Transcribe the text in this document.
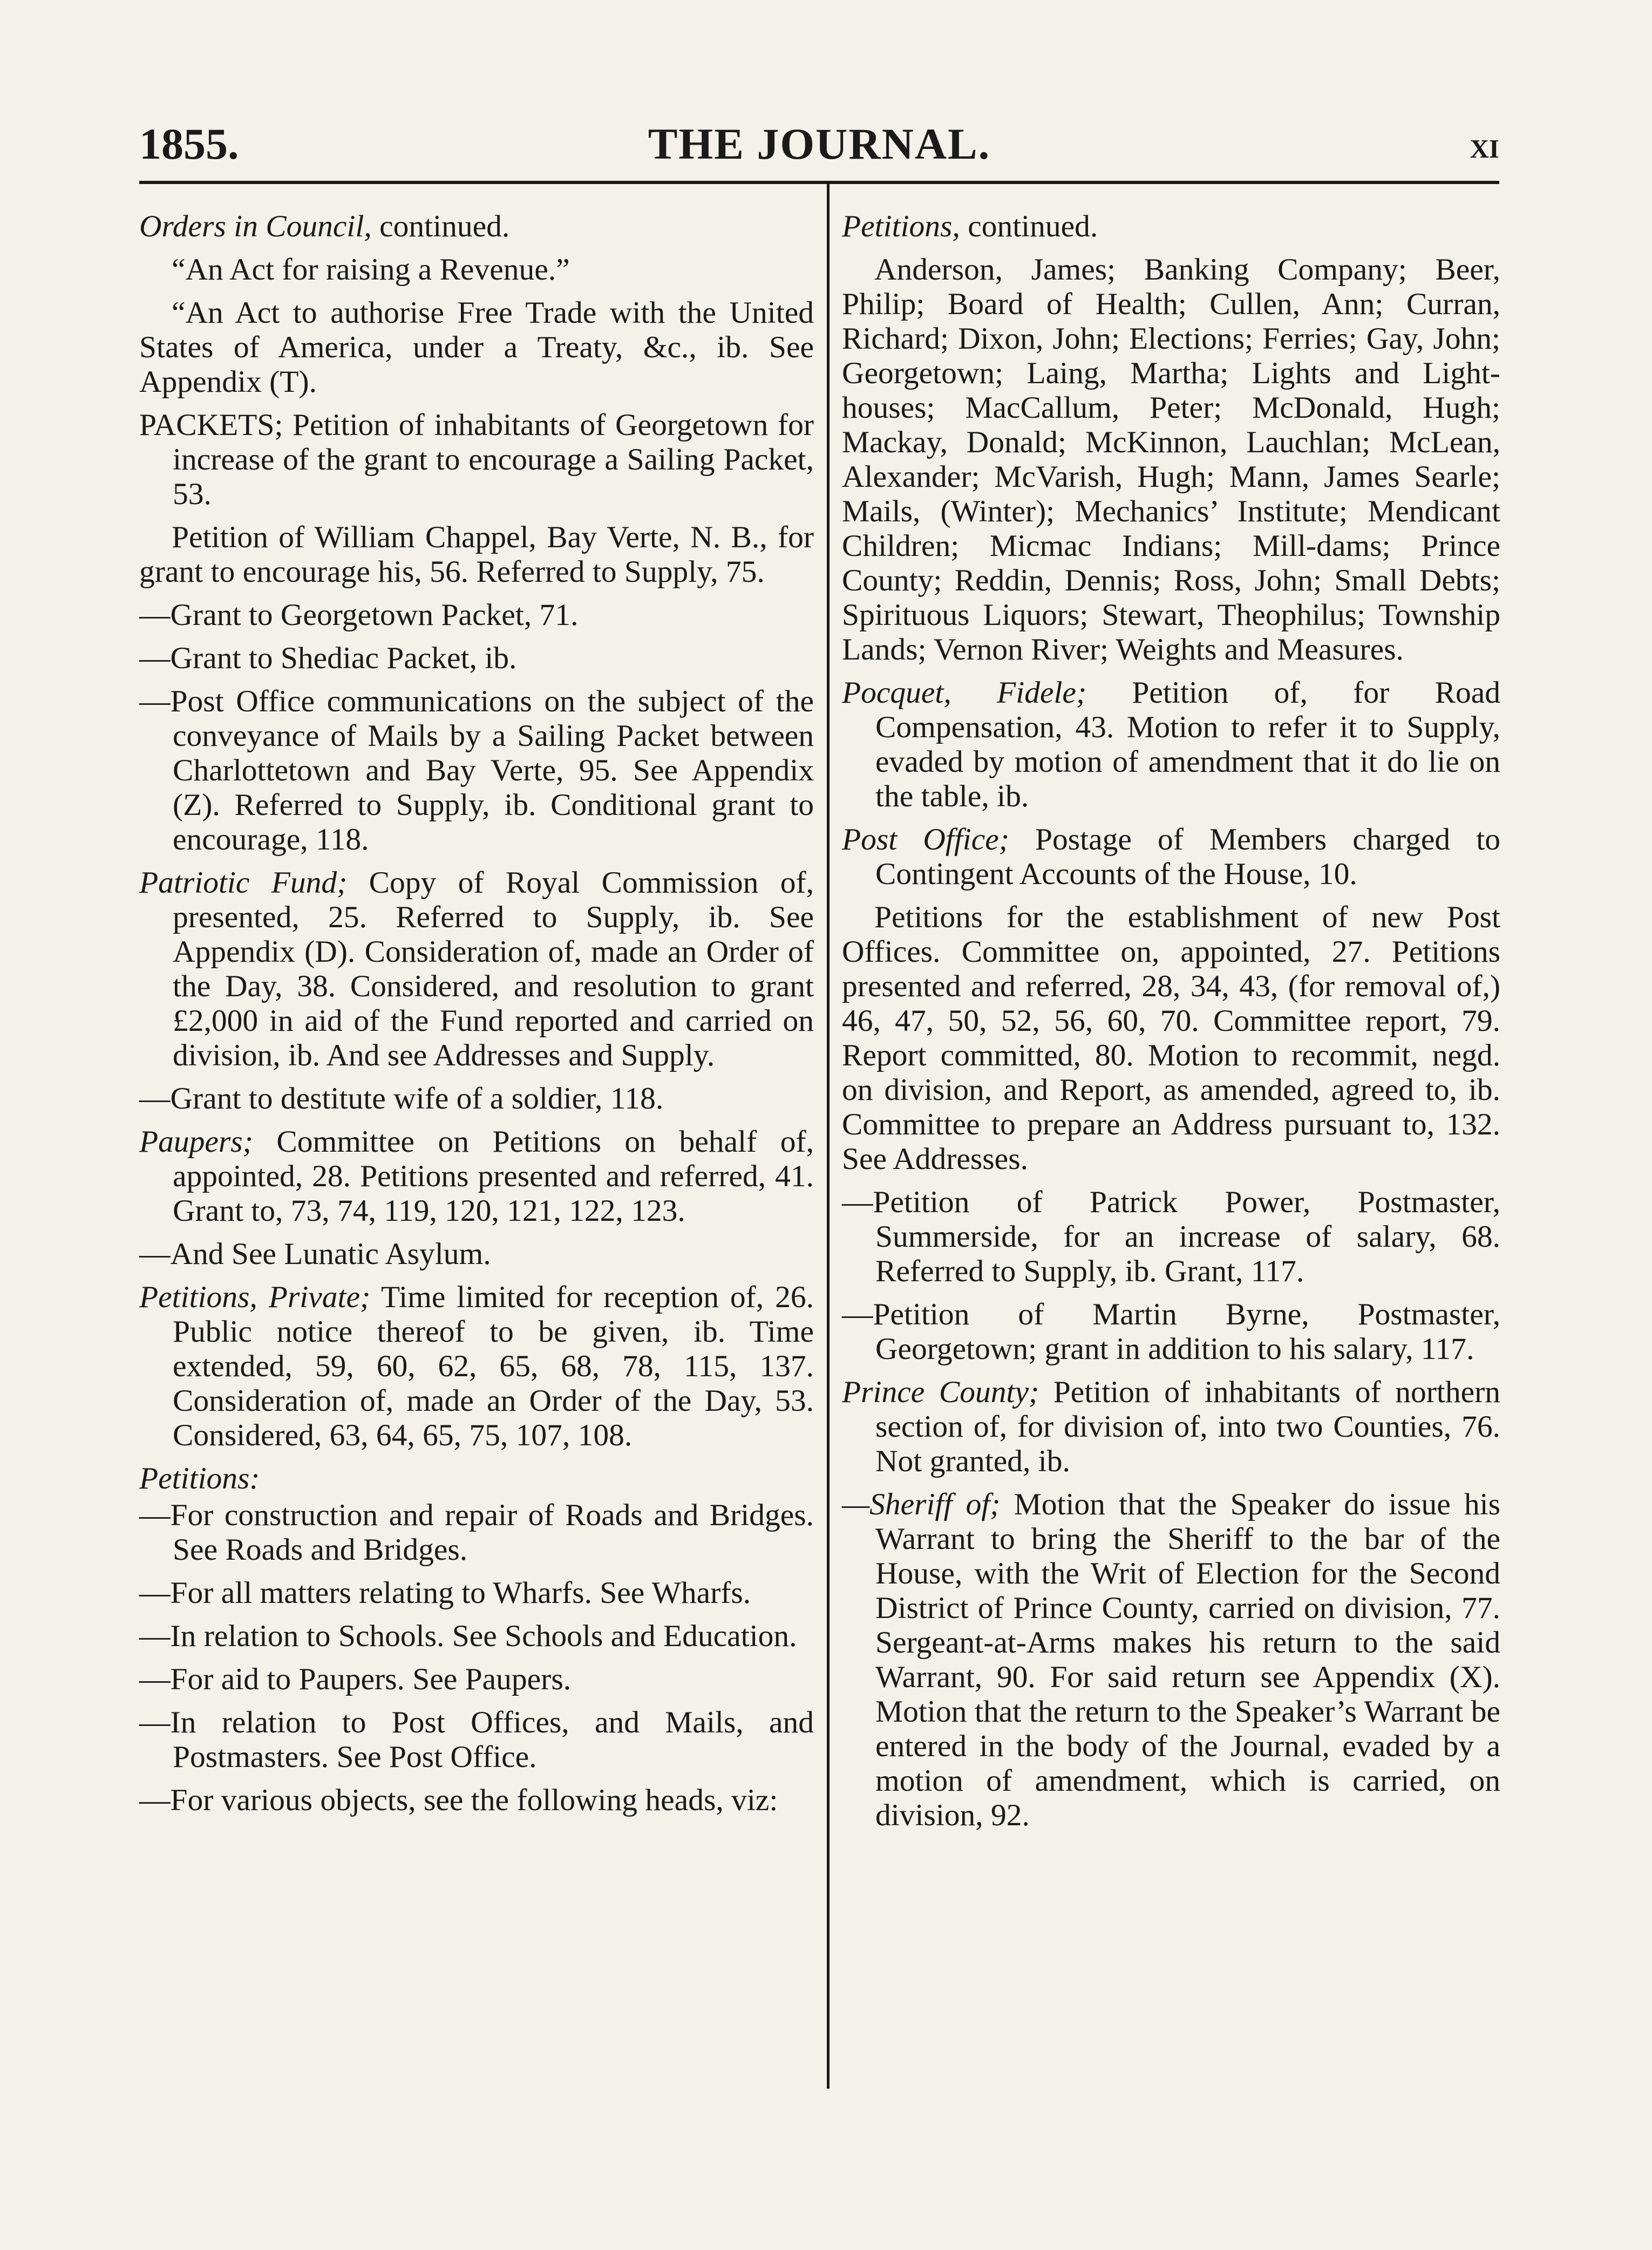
1855.	THE JOURNAL.	xi

Orders in Council, continued.

“An Act for raising a Revenue.”

“An Act to authorise Free Trade with the United States of America, under a Treaty, &c., ib. See Appendix (T).

PACKETS; Petition of inhabitants of Georgetown for increase of the grant to encourage a Sailing Packet, 53.

Petition of William Chappel, Bay Verte, N. B., for grant to encourage his, 56. Referred to Supply, 75.

—Grant to Georgetown Packet, 71.

—Grant to Shediac Packet, ib.

—Post Office communications on the subject of the conveyance of Mails by a Sailing Packet between Charlottetown and Bay Verte, 95. See Appendix (Z). Referred to Supply, ib. Conditional grant to encourage, 118.

Patriotic Fund; Copy of Royal Commission of, presented, 25. Referred to Supply, ib. See Appendix (D). Consideration of, made an Order of the Day, 38. Considered, and resolution to grant £2,000 in aid of the Fund reported and carried on division, ib. And see Addresses and Supply.

—Grant to destitute wife of a soldier, 118.

Paupers; Committee on Petitions on behalf of, appointed, 28. Petitions presented and referred, 41. Grant to, 73, 74, 119, 120, 121, 122, 123.

—And See Lunatic Asylum.

Petitions, Private; Time limited for reception of, 26. Public notice thereof to be given, ib. Time extended, 59, 60, 62, 65, 68, 78, 115, 137. Consideration of, made an Order of the Day, 53. Considered, 63, 64, 65, 75, 107, 108.

Petitions:

—For construction and repair of Roads and Bridges. See Roads and Bridges.

—For all matters relating to Wharfs. See Wharfs.

—In relation to Schools. See Schools and Education.

—For aid to Paupers. See Paupers.

—In relation to Post Offices, and Mails, and Postmasters. See Post Office.

—For various objects, see the following heads, viz:

Petitions, continued.

Anderson, James; Banking Company; Beer, Philip; Board of Health; Cullen, Ann; Curran, Richard; Dixon, John; Elections; Ferries; Gay, John; Georgetown; Laing, Martha; Lights and Light-houses; MacCallum, Peter; McDonald, Hugh; Mackay, Donald; McKinnon, Lauchlan; McLean, Alexander; McVarish, Hugh; Mann, James Searle; Mails, (Winter); Mechanics’ Institute; Mendicant Children; Micmac Indians; Mill-dams; Prince County; Reddin, Dennis; Ross, John; Small Debts; Spirituous Liquors; Stewart, Theophilus; Township Lands; Vernon River; Weights and Measures.

Pocquet, Fidele; Petition of, for Road Compensation, 43. Motion to refer it to Supply, evaded by motion of amendment that it do lie on the table, ib.

Post Office; Postage of Members charged to Contingent Accounts of the House, 10.

Petitions for the establishment of new Post Offices. Committee on, appointed, 27. Petitions presented and referred, 28, 34, 43, (for removal of,) 46, 47, 50, 52, 56, 60, 70. Committee report, 79. Report committed, 80. Motion to recommit, negd. on division, and Report, as amended, agreed to, ib. Committee to prepare an Address pursuant to, 132. See Addresses.

—Petition of Patrick Power, Postmaster, Summerside, for an increase of salary, 68. Referred to Supply, ib. Grant, 117.

—Petition of Martin Byrne, Postmaster, Georgetown; grant in addition to his salary, 117.

Prince County; Petition of inhabitants of northern section of, for division of, into two Counties, 76. Not granted, ib.

—Sheriff of; Motion that the Speaker do issue his Warrant to bring the Sheriff to the bar of the House, with the Writ of Election for the Second District of Prince County, carried on division, 77. Sergeant-at-Arms makes his return to the said Warrant, 90. For said return see Appendix (X). Motion that the return to the Speaker’s Warrant be entered in the body of the Journal, evaded by a motion of amendment, which is carried, on division, 92.
